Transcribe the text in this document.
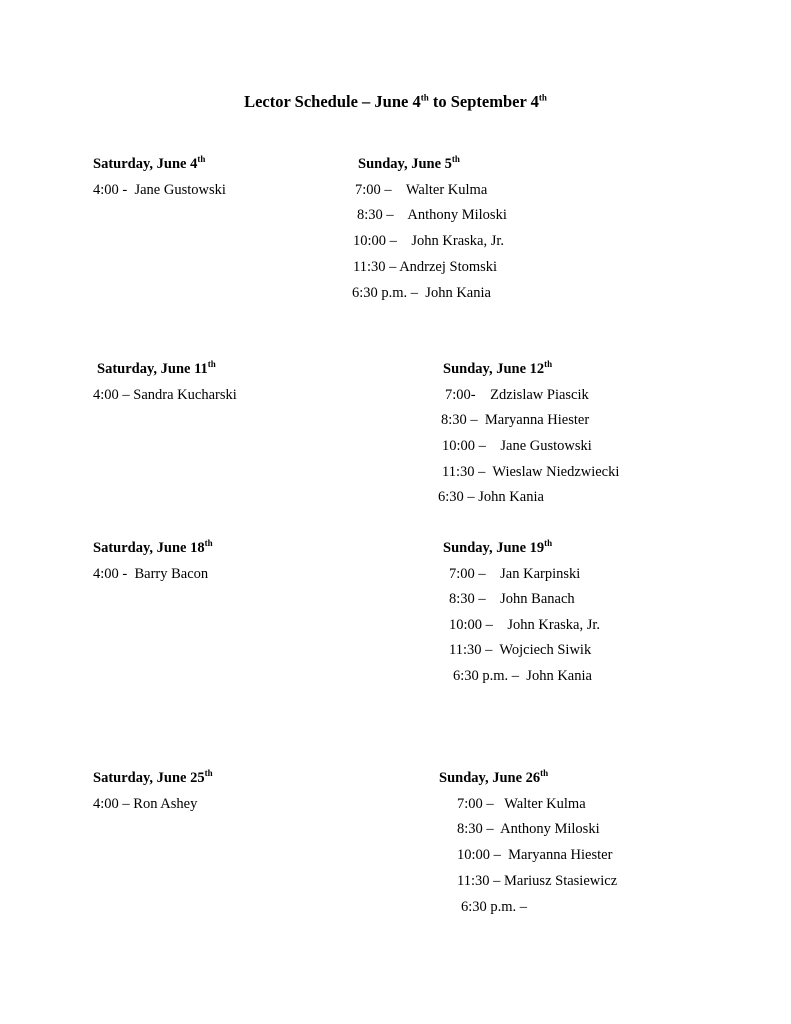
Lector Schedule – June 4th to September 4th
Saturday, June 4th
4:00 -  Jane Gustowski
Sunday, June 5th
7:00 –    Walter Kulma
8:30 –    Anthony Miloski
10:00 –    John Kraska, Jr.
11:30 – Andrzej Stomski
6:30 p.m. –  John Kania
Saturday, June 11th
4:00 – Sandra Kucharski
Sunday, June 12th
7:00-    Zdzislaw Piascik
8:30 –  Maryanna Hiester
10:00 –    Jane Gustowski
11:30 –  Wieslaw Niedzwiecki
6:30 – John Kania
Saturday, June 18th
4:00 -  Barry Bacon
Sunday, June 19th
7:00 –    Jan Karpinski
8:30 –    John Banach
10:00 –    John Kraska, Jr.
11:30 –  Wojciech Siwik
6:30 p.m. –  John Kania
Saturday, June 25th
4:00 – Ron Ashey
Sunday, June 26th
7:00 –   Walter Kulma
8:30 –  Anthony Miloski
10:00 –  Maryanna Hiester
11:30 – Mariusz Stasiewicz
6:30 p.m. –
